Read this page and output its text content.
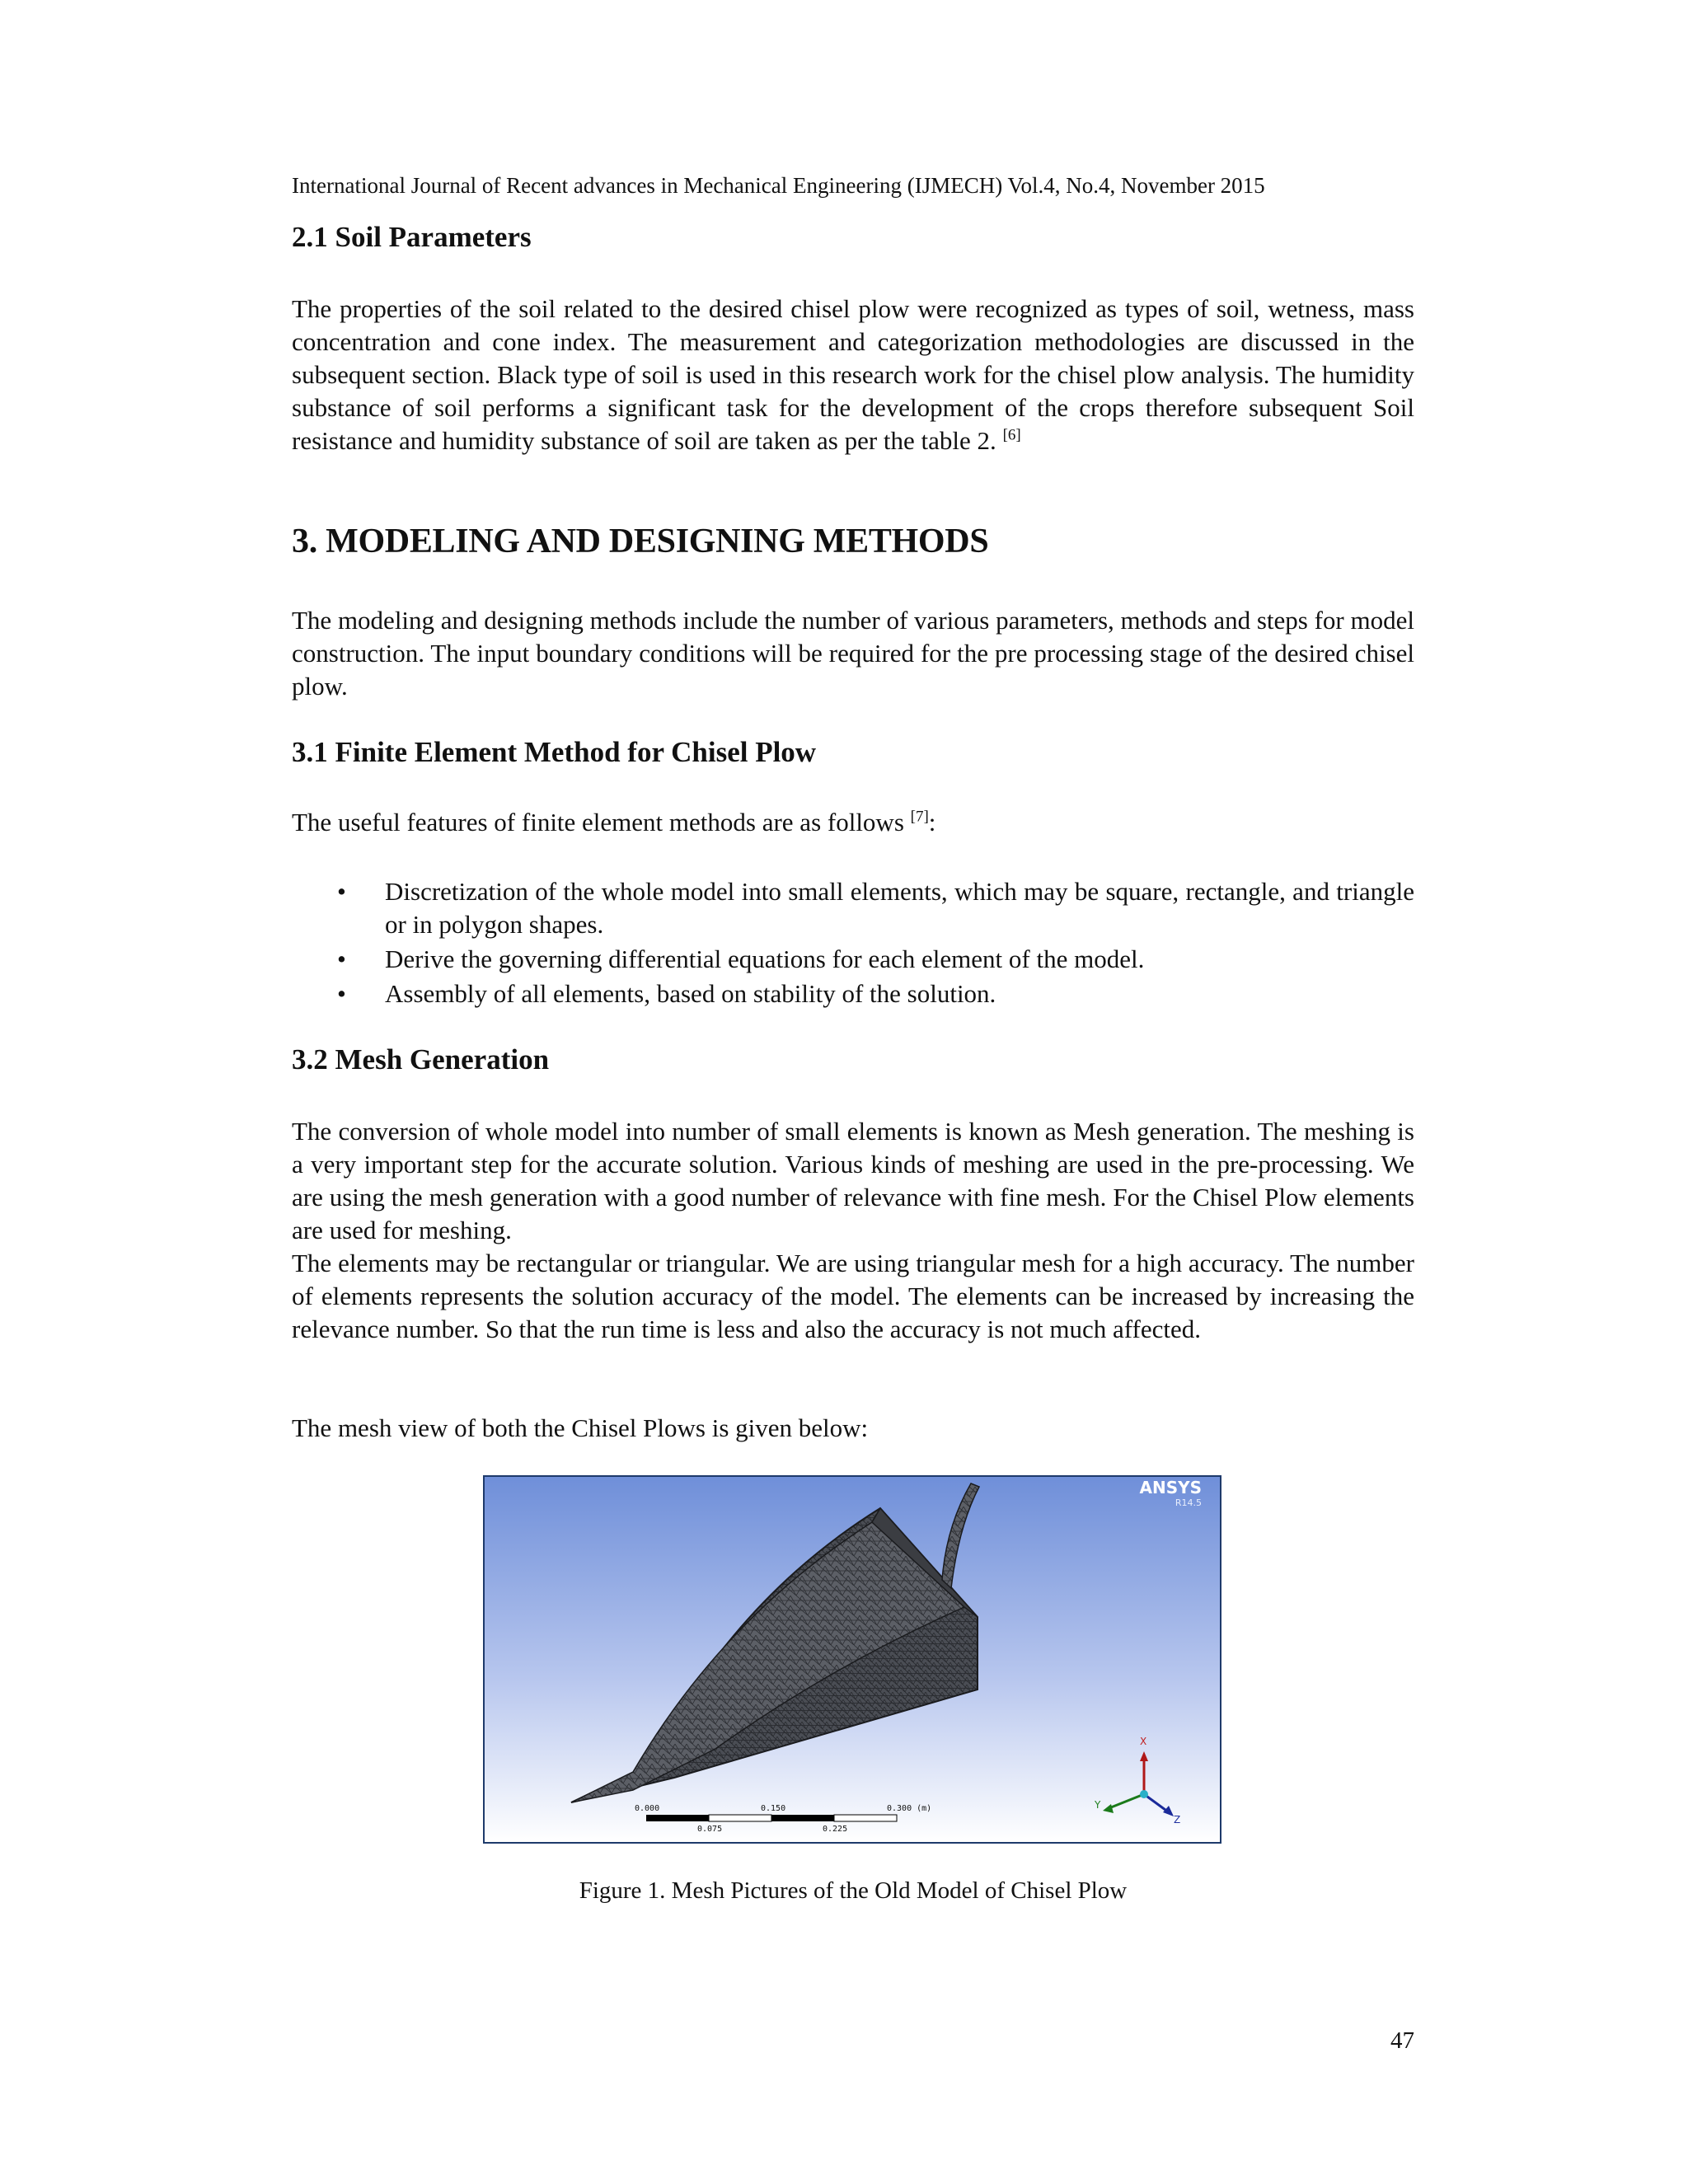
International Journal of Recent advances in Mechanical Engineering (IJMECH) Vol.4, No.4, November 2015
2.1 Soil Parameters

The properties of the soil related to the desired chisel plow were recognized as types of soil, wetness, mass concentration and cone index. The measurement and categorization methodologies are discussed in the subsequent section. Black type of soil is used in this research work for the chisel plow analysis. The humidity substance of soil performs a significant task for the development of the crops therefore subsequent Soil resistance and humidity substance of soil are taken as per the table 2. [6]

3. MODELING AND DESIGNING METHODS

The modeling and designing methods include the number of various parameters, methods and steps for model construction. The input boundary conditions will be required for the pre processing stage of the desired chisel plow.

3.1 Finite Element Method for Chisel Plow

The useful features of finite element methods are as follows [7]:

• Discretization of the whole model into small elements, which may be square, rectangle, and triangle or in polygon shapes.
• Derive the governing differential equations for each element of the model.
• Assembly of all elements, based on stability of the solution.
3.2 Mesh Generation

The conversion of whole model into number of small elements is known as Mesh generation. The meshing is a very important step for the accurate solution. Various kinds of meshing are used in the pre-processing. We are using the mesh generation with a good number of relevance with fine mesh. For the Chisel Plow elements are used for meshing.

The elements may be rectangular or triangular. We are using triangular mesh for a high accuracy. The number of elements represents the solution accuracy of the model. The elements can be increased by increasing the relevance number. So that the run time is less and also the accuracy is not much affected.

The mesh view of both the Chisel Plows is given below:

Figure 1. Mesh Pictures of the Old Model of Chisel Plow
47
ANSYS
R14.5
0.000	0.150	0.300 (m)
0.075	0.225
X
Y
Z
